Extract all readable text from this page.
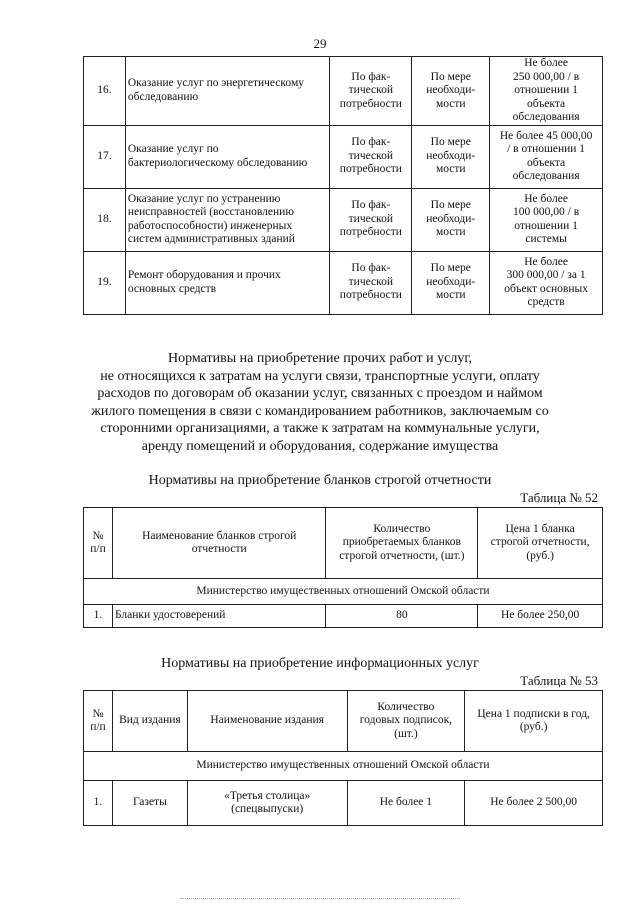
29
16.	Оказание услуг по энергетическому обследованию	По фак-
тической
потребности	По мере
необходи-
мости	Не более
250 000,00 / в
отношении 1
объекта
обследования
17.	Оказание услуг по бактериологическому обследованию	По фак-
тической
потребности	По мере
необходи-
мости	Не более 45 000,00
/ в отношении 1
объекта
обследования
18.	Оказание услуг по устранению неисправностей (восстановлению работоспособности) инженерных систем административных зданий	По фак-
тической
потребности	По мере
необходи-
мости	Не более
100 000,00 / в
отношении 1
системы
19.	Ремонт оборудования и прочих основных средств	По фак-
тической
потребности	По мере
необходи-
мости	Не более
300 000,00 / за 1
объект основных
средств
Нормативы на приобретение прочих работ и услуг,
не относящихся к затратам на услуги связи, транспортные услуги, оплату
расходов по договорам об оказании услуг, связанных с проездом и наймом
жилого помещения в связи с командированием работников, заключаемым со
сторонними организациями, а также к затратам на коммунальные услуги,
аренду помещений и оборудования, содержание имущества
Нормативы на приобретение бланков строгой отчетности
Таблица № 52
№
п/п	Наименование бланков строгой
отчетности	Количество
приобретаемых бланков
строгой отчетности, (шт.)	Цена 1 бланка
строгой отчетности,
(руб.)
Министерство имущественных отношений Омской области			
1.	Бланки удостоверений	80	Не более 250,00
Нормативы на приобретение информационных услуг
Таблица № 53
№
п/п	Вид издания	Наименование издания	Количество
годовых подписок,
(шт.)	Цена 1 подписки в год,
(руб.)
Министерство имущественных отношений Омской области				
1.	Газеты	«Третья столица»
(спецвыпуски)	Не более 1	Не более 2 500,00
